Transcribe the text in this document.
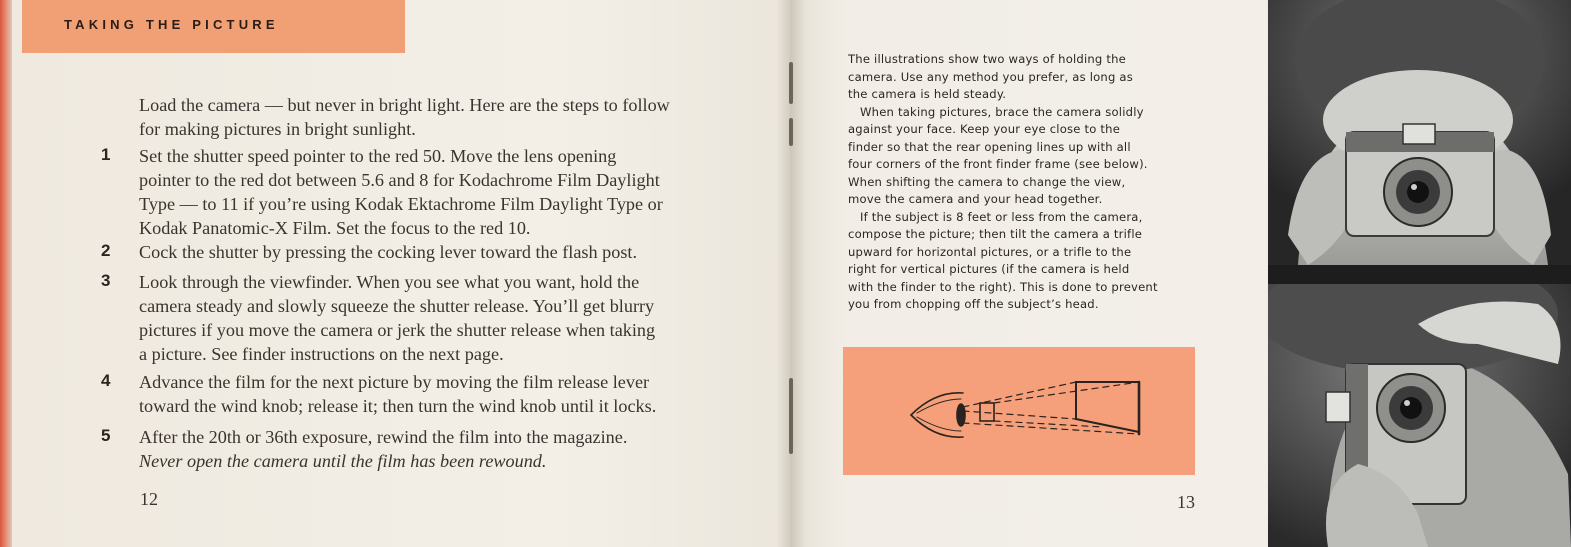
TAKING THE PICTURE
Load the camera — but never in bright light. Here are the steps to follow
for making pictures in bright sunlight.
1 Set the shutter speed pointer to the red 50. Move the lens opening
pointer to the red dot between 5.6 and 8 for Kodachrome Film Daylight
Type — to 11 if you’re using Kodak Ektachrome Film Daylight Type or
Kodak Panatomic-X Film. Set the focus to the red 10.
2 Cock the shutter by pressing the cocking lever toward the flash post.
3 Look through the viewfinder. When you see what you want, hold the
camera steady and slowly squeeze the shutter release. You’ll get blurry
pictures if you move the camera or jerk the shutter release when taking
a picture. See finder instructions on the next page.
4 Advance the film for the next picture by moving the film release lever
toward the wind knob; release it; then turn the wind knob until it locks.
5 After the 20th or 36th exposure, rewind the film into the magazine.
Never open the camera until the film has been rewound.
12

The illustrations show two ways of holding the
camera. Use any method you prefer, as long as
the camera is held steady.

When taking pictures, brace the camera solidly
against your face. Keep your eye close to the
finder so that the rear opening lines up with all
four corners of the front finder frame (see below).
When shifting the camera to change the view,
move the camera and your head together.

If the subject is 8 feet or less from the camera,
compose the picture; then tilt the camera a trifle
upward for horizontal pictures, or a trifle to the
right for vertical pictures (if the camera is held
with the finder to the right). This is done to prevent
you from chopping off the subject’s head.

13
